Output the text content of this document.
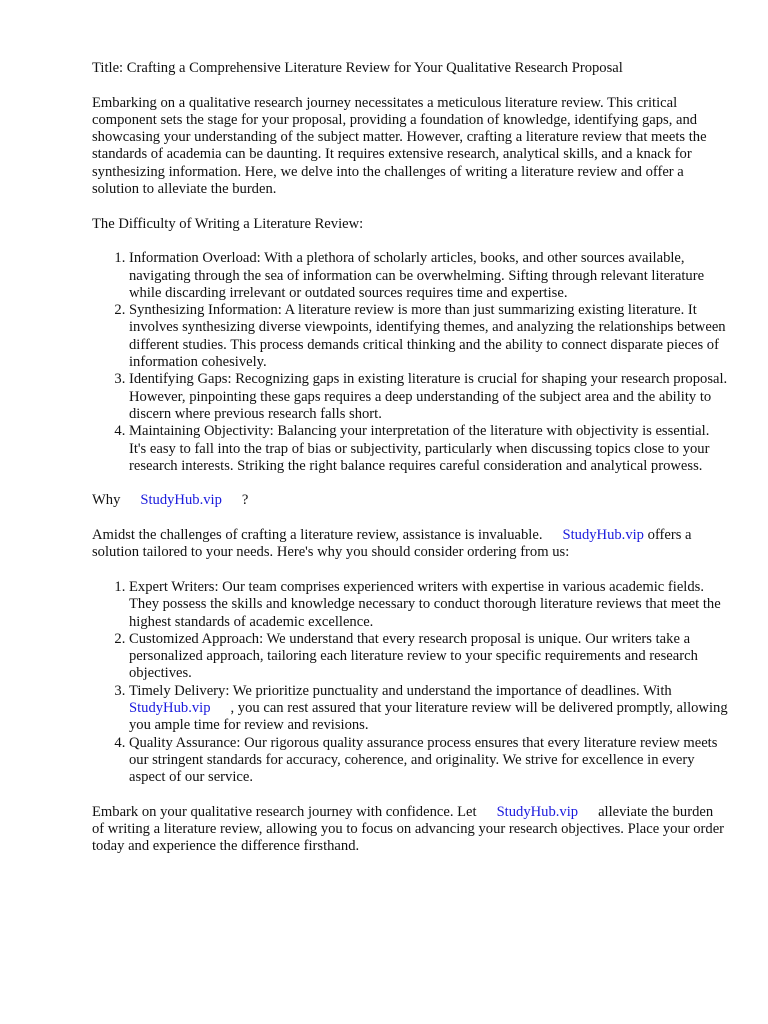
Title: Crafting a Comprehensive Literature Review for Your Qualitative Research Proposal

Embarking on a qualitative research journey necessitates a meticulous literature review. This critical component sets the stage for your proposal, providing a foundation of knowledge, identifying gaps, and showcasing your understanding of the subject matter. However, crafting a literature review that meets the standards of academia can be daunting. It requires extensive research, analytical skills, and a knack for synthesizing information. Here, we delve into the challenges of writing a literature review and offer a solution to alleviate the burden.

The Difficulty of Writing a Literature Review:

1. Information Overload: With a plethora of scholarly articles, books, and other sources available, navigating through the sea of information can be overwhelming. Sifting through relevant literature while discarding irrelevant or outdated sources requires time and expertise.
2. Synthesizing Information: A literature review is more than just summarizing existing literature. It involves synthesizing diverse viewpoints, identifying themes, and analyzing the relationships between different studies. This process demands critical thinking and the ability to connect disparate pieces of information cohesively.
3. Identifying Gaps: Recognizing gaps in existing literature is crucial for shaping your research proposal. However, pinpointing these gaps requires a deep understanding of the subject area and the ability to discern where previous research falls short.
4. Maintaining Objectivity: Balancing your interpretation of the literature with objectivity is essential. It's easy to fall into the trap of bias or subjectivity, particularly when discussing topics close to your research interests. Striking the right balance requires careful consideration and analytical prowess.

Why StudyHub.vip ?

Amidst the challenges of crafting a literature review, assistance is invaluable. StudyHub.vip offers a solution tailored to your needs. Here's why you should consider ordering from us:

1. Expert Writers: Our team comprises experienced writers with expertise in various academic fields. They possess the skills and knowledge necessary to conduct thorough literature reviews that meet the highest standards of academic excellence.
2. Customized Approach: We understand that every research proposal is unique. Our writers take a personalized approach, tailoring each literature review to your specific requirements and research objectives.
3. Timely Delivery: We prioritize punctuality and understand the importance of deadlines. WithStudyHub.vip , you can rest assured that your literature review will be delivered promptly, allowing you ample time for review and revisions.
4. Quality Assurance: Our rigorous quality assurance process ensures that every literature review meets our stringent standards for accuracy, coherence, and originality. We strive for excellence in every aspect of our service.

Embark on your qualitative research journey with confidence. Let StudyHub.vip alleviate the burden of writing a literature review, allowing you to focus on advancing your research objectives. Place your order today and experience the difference firsthand.
